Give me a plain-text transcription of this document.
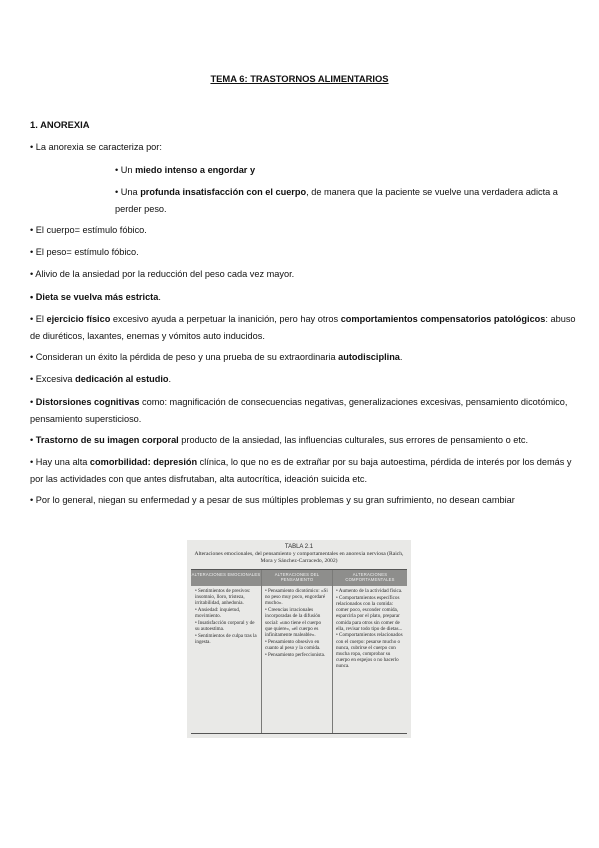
TEMA 6: TRASTORNOS ALIMENTARIOS
1. ANOREXIA
• La anorexia se caracteriza por:
• Un miedo intenso a engordar y
• Una profunda insatisfacción con el cuerpo, de manera que la paciente se vuelve una verdadera adicta a perder peso.
• El cuerpo= estímulo fóbico.
• El peso= estímulo fóbico.
• Alivio de la ansiedad por la reducción del peso cada vez mayor.
• Dieta se vuelva más estricta.
• El ejercicio físico excesivo ayuda a perpetuar la inanición, pero hay otros comportamientos compensatorios patológicos: abuso de diuréticos, laxantes, enemas y vómitos auto inducidos.
• Consideran un éxito la pérdida de peso y una prueba de su extraordinaria autodisciplina.
• Excesiva dedicación al estudio.
• Distorsiones cognitivas como: magnificación de consecuencias negativas, generalizaciones excesivas, pensamiento dicotómico, pensamiento supersticioso.
• Trastorno de su imagen corporal producto de la ansiedad, las influencias culturales, sus errores de pensamiento o etc.
• Hay una alta comorbilidad: depresión clínica, lo que no es de extrañar por su baja autoestima, pérdida de interés por los demás y por las actividades con que antes disfrutaban, alta autocrítica, ideación suicida etc.
• Por lo general, niegan su enfermedad y a pesar de sus múltiples problemas y su gran sufrimiento, no desean cambiar
TABLA 2.1
Alteraciones emocionales, del pensamiento y comportamentales en anorexia nerviosa (Raich, Mora y Sánchez-Carracedo, 2002)
ALTERACIONES EMOCIONALES	ALTERACIONES DEL PENSAMIENTO
ALTERACIONES COMPORTAMENTALES
• Sentimientos de presivos: insomnio, lloro, tristeza, irritabilidad, anhedonia.
• Ansiedad: inquietud, movimiento.
• Insatisfacción corporal y de su autoestima.
• Sentimientos de culpa tras la ingesta.
• Pensamiento dicotómico: «Si no peso muy poco, engordaré mucho».
• Creencias irracionales incorporadas de la difusión social: «uno tiene el cuerpo que quiere», «el cuerpo es infinitamente maleable».
• Pensamiento obsesivo en cuanto al peso y la comida.
• Pensamiento perfeccionista.
• Aumento de la actividad física.
• Comportamientos específicos relacionados con la comida: comer poco, esconder comida, esparcirla por el plato, preparar comida para otros sin comer de ella, revisar todo tipo de dietas...
• Comportamientos relacionados con el cuerpo: pesarse mucho o nunca, cubrirse el cuerpo con mucha ropa, comprobar su cuerpo en espejos o no hacerlo nunca.
